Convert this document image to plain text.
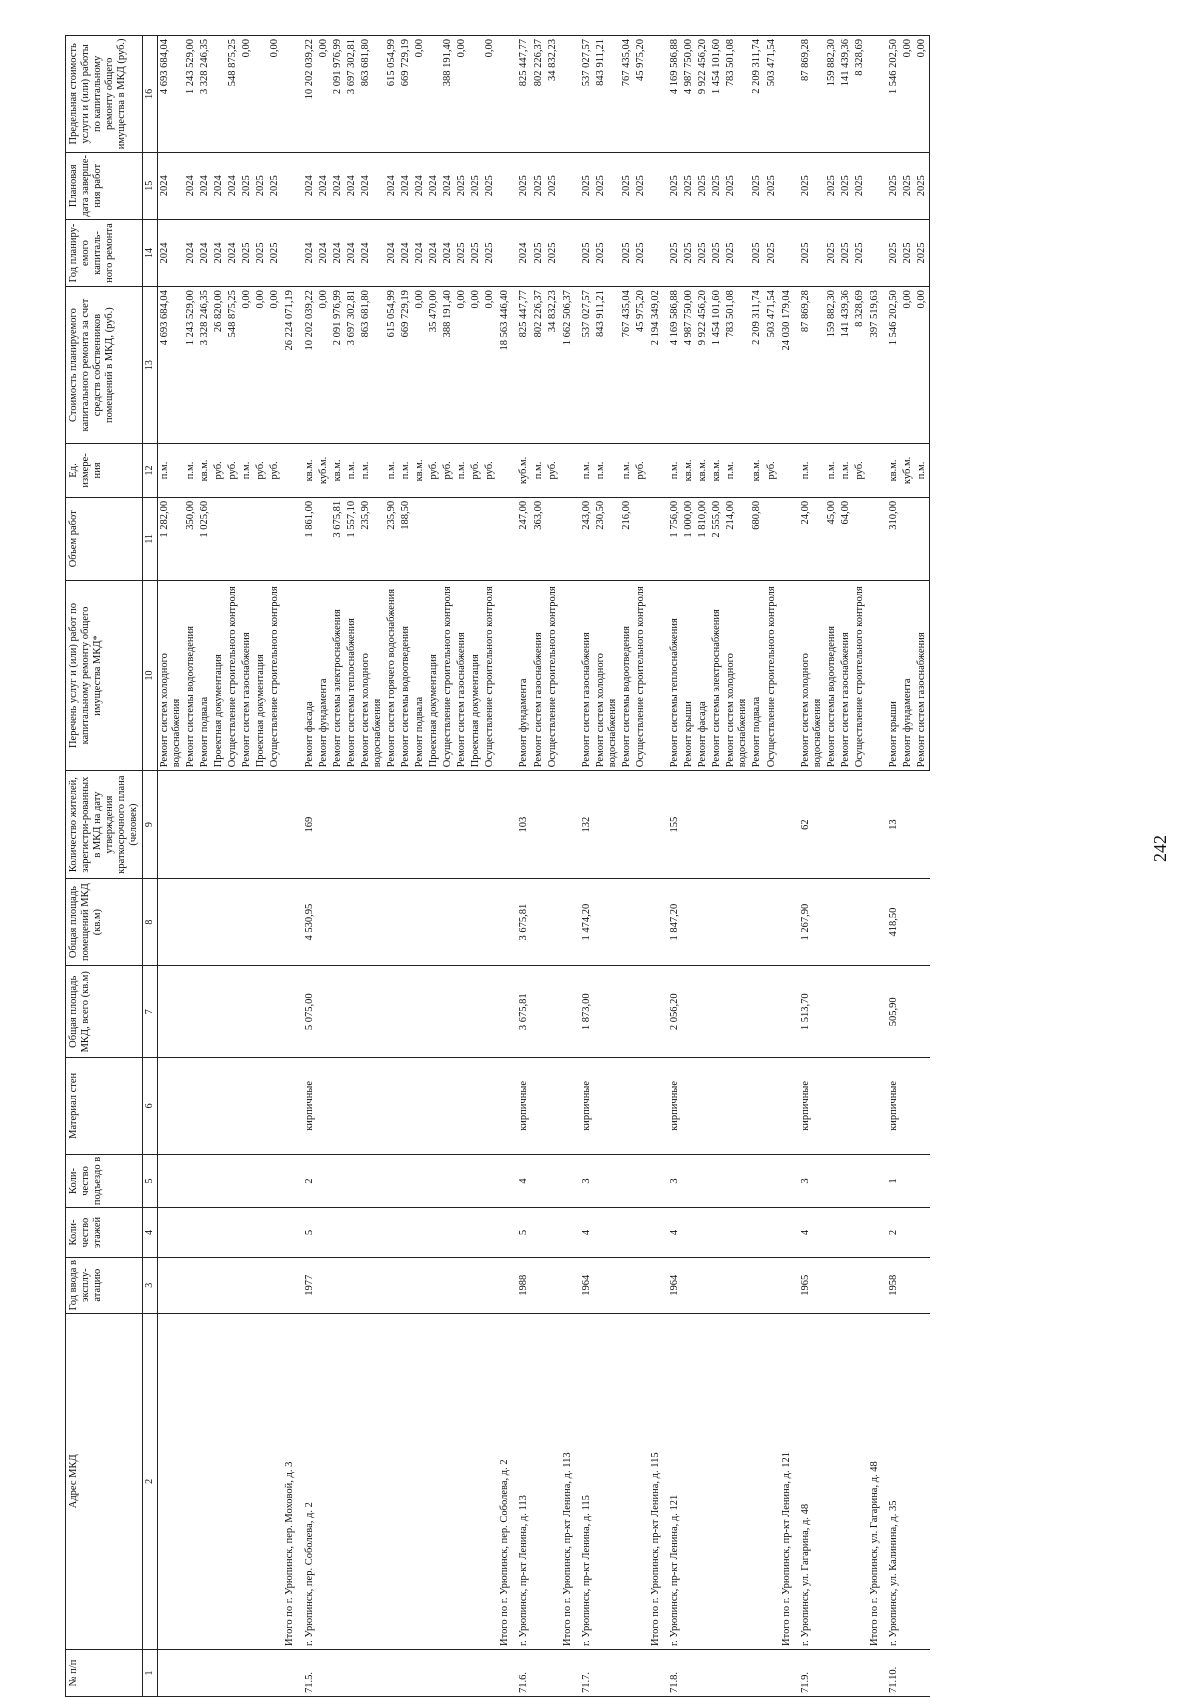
№ п/п	Адрес МКД	Год ввода в эксплу-атацию	Коли-чество этажей	Коли-чество подъездо в	Материал стен	Общая площадь МКД, всего (кв.м)	Общая площадь помещений МКД (кв.м)	Количество жителей, зарегистри-рованных в МКД на дату утверждения краткосрочного плана (человек)	Перечень услуг и (или) работ по капитальному ремонту общего имущества МКД*	Объем работ	Ед. измере-ния	Стоимость планируемого капитального ремонта за счет средств собственников помещений в МКД, (руб.)	Год планиру-емого капиталь-ного ремонта	Плановая дата заверше-ния работ	Предельная стоимость услуги и (или) работы по капитальному ремонту общего имущества в МКД (руб.)
1	2	3	4	5	6	7	8	9	10	11	12	13	14	15	16
									Ремонт систем холодного водоснабжения	1 282,00	п.м.	4 693 684,04	2024	2024	4 693 684,04
									Ремонт системы водоотведения	350,00	п.м.	1 243 529,00	2024	2024	1 243 529,00
									Ремонт подвала	1 025,60	кв.м.	3 328 246,35	2024	2024	3 328 246,35
									Проектная документация		руб.	26 820,00	2024	2024	
									Осуществление строительного контроля		руб.	548 875,25	2024	2024	548 875,25
									Ремонт систем газоснабжения		п.м.	0,00	2025	2025	0,00
									Проектная документация		руб.	0,00	2025	2025	
									Осуществление строительного контроля		руб.	0,00	2025	2025	0,00
	Итого по г. Урюпинск, пер. Моховой, д. 3											26 224 071,19			
71.5.	г. Урюпинск, пер. Соболева, д. 2	1977	5	2	кирпичные	5 075,00	4 530,95	169	Ремонт фасада	1 861,00	кв.м.	10 202 039,22	2024	2024	10 202 039,22
									Ремонт фундамента		куб.м.	0,00	2024	2024	0,00
									Ремонт системы электроснабжения	3 675,81	кв.м.	2 091 976,99	2024	2024	2 091 976,99
									Ремонт системы теплоснабжения	1 557,10	п.м.	3 697 302,81	2024	2024	3 697 302,81
									Ремонт систем холодного водоснабжения	235,90	п.м.	863 681,80	2024	2024	863 681,80
									Ремонт систем горячего водоснабжения	235,90	п.м.	615 054,99	2024	2024	615 054,99
									Ремонт системы водоотведения	188,50	п.м.	669 729,19	2024	2024	669 729,19
									Ремонт подвала		кв.м.	0,00	2024	2024	0,00
									Проектная документация		руб.	35 470,00	2024	2024	
									Осуществление строительного контроля		руб.	388 191,40	2024	2024	388 191,40
									Ремонт систем газоснабжения		п.м.	0,00	2025	2025	0,00
									Проектная документация		руб.	0,00	2025	2025	
									Осуществление строительного контроля		руб.	0,00	2025	2025	0,00
	Итого по г. Урюпинск, пер. Соболева, д. 2											18 563 446,40			
71.6.	г. Урюпинск, пр-кт Ленина, д. 113	1988	5	4	кирпичные	3 675,81	3 675,81	103	Ремонт фундамента	247,00	куб.м.	825 447,77	2024	2025	825 447,77
									Ремонт систем газоснабжения	363,00	п.м.	802 226,37	2025	2025	802 226,37
									Осуществление строительного контроля		руб.	34 832,23	2025	2025	34 832,23
	Итого по г. Урюпинск, пр-кт Ленина, д. 113											1 662 506,37			
71.7.	г. Урюпинск, пр-кт Ленина, д. 115	1964	4	3	кирпичные	1 873,00	1 474,20	132	Ремонт систем газоснабжения	243,00	п.м.	537 027,57	2025	2025	537 027,57
									Ремонт систем холодного водоснабжения	230,50	п.м.	843 911,21	2025	2025	843 911,21
									Ремонт системы водоотведения	216,00	п.м.	767 435,04	2025	2025	767 435,04
									Осуществление строительного контроля		руб.	45 975,20	2025	2025	45 975,20
	Итого по г. Урюпинск, пр-кт Ленина, д. 115											2 194 349,02			
71.8.	г. Урюпинск, пр-кт Ленина, д. 121	1964	4	3	кирпичные	2 056,20	1 847,20	155	Ремонт системы теплоснабжения	1 756,00	п.м.	4 169 586,88	2025	2025	4 169 586,88
									Ремонт крыши	1 000,00	кв.м.	4 987 750,00	2025	2025	4 987 750,00
									Ремонт фасада	1 810,00	кв.м.	9 922 456,20	2025	2025	9 922 456,20
									Ремонт системы электроснабжения	2 555,00	кв.м.	1 454 101,60	2025	2025	1 454 101,60
									Ремонт систем холодного водоснабжения	214,00	п.м.	783 501,08	2025	2025	783 501,08
									Ремонт подвала	680,80	кв.м.	2 209 311,74	2025	2025	2 209 311,74
									Осуществление строительного контроля		руб.	503 471,54	2025	2025	503 471,54
	Итого по г. Урюпинск, пр-кт Ленина, д. 121											24 030 179,04			
71.9.	г. Урюпинск, ул. Гагарина, д. 48	1965	4	3	кирпичные	1 513,70	1 267,90	62	Ремонт систем холодного водоснабжения	24,00	п.м.	87 869,28	2025	2025	87 869,28
									Ремонт системы водоотведения	45,00	п.м.	159 882,30	2025	2025	159 882,30
									Ремонт систем газоснабжения	64,00	п.м.	141 439,36	2025	2025	141 439,36
									Осуществление строительного контроля		руб.	8 328,69	2025	2025	8 328,69
	Итого по г. Урюпинск, ул. Гагарина, д. 48											397 519,63			
71.10.	г. Урюпинск, ул. Калинина, д. 35	1958	2	1	кирпичные	505,90	418,50	13	Ремонт крыши	310,00	кв.м.	1 546 202,50	2025	2025	1 546 202,50
									Ремонт фундамента		куб.м.	0,00	2025	2025	0,00
									Ремонт систем газоснабжения		п.м.	0,00	2025	2025	0,00
242
